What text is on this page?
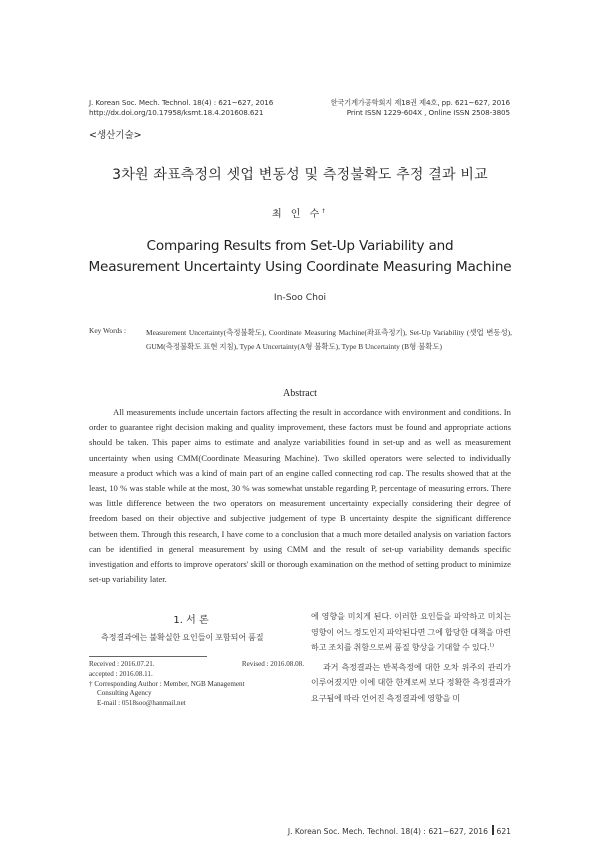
J. Korean Soc. Mech. Technol. 18(4) : 621~627, 2016
http://dx.doi.org/10.17958/ksmt.18.4.201608.621
한국기계가공학회지 제18권 제4호, pp. 621~627, 2016
Print ISSN 1229-604X , Online ISSN 2508-3805
<생산기술>
3차원 좌표측정의 셋업 변동성 및 측정불확도 추정 결과 비교
최 인 수†
Comparing Results from Set-Up Variability and
Measurement Uncertainty Using Coordinate Measuring Machine
In-Soo Choi
Key Words :	Measurement Uncertainty(측정불확도), Coordinate Measuring Machine(좌표측정기), Set-Up Variability (셋업 변동성), GUM(측정불확도 표현 지침), Type A Uncertainty(A형 불확도), Type B Uncertainty (B형 불확도)
Abstract
All measurements include uncertain factors affecting the result in accordance with environment and conditions. In order to guarantee right decision making and quality improvement, these factors must be found and appropriate actions should be taken. This paper aims to estimate and analyze variabilities found in set-up and as well as measurement uncertainty when using CMM(Coordinate Measuring Machine). Two skilled operators were selected to individually measure a product which was a kind of main part of an engine called connecting rod cap. The results showed that at the least, 10 % was stable while at the most, 30 % was somewhat unstable regarding P, percentage of measuring errors. There was little difference between the two operators on measurement uncertainty expecially considering their degree of freedom based on their objective and subjective judgement of type B uncertainty despite the significant difference between them. Through this research, I have come to a conclusion that a much more detailed analysis on variation factors can be identified in general measurement by using CMM and the result of set-up variability demands specific investigation and efforts to improve operators' skill or thorough examination on the method of setting product to minimize set-up variability later.
1. 서 론
측정결과에는 불확실한 요인들이 포함되어 품질
Received : 2016.07.21.	Revised : 2016.08.08.
accepted : 2016.08.11.
† Corresponding Author : Member, NGB Management
Consulting Agency
E-mail : 0518soo@hanmail.net

에 영향을 미치게 된다. 이러한 요인들을 파악하고 미치는 영향이 어느 정도인지 파악된다면 그에 합당한 대책을 마련하고 조치를 취함으로써 품질 향상을 기대할 수 있다.$^{1)}$

과거 측정결과는 반복측정에 대한 오차 위주의 관리가 이루어졌지만 이에 대한 한계로써 보다 정확한 측정결과가 요구됨에 따라 언어진 측정결과에 영향을 미

J. Korean Soc. Mech. Technol. 18(4) : 621~627, 2016 621
